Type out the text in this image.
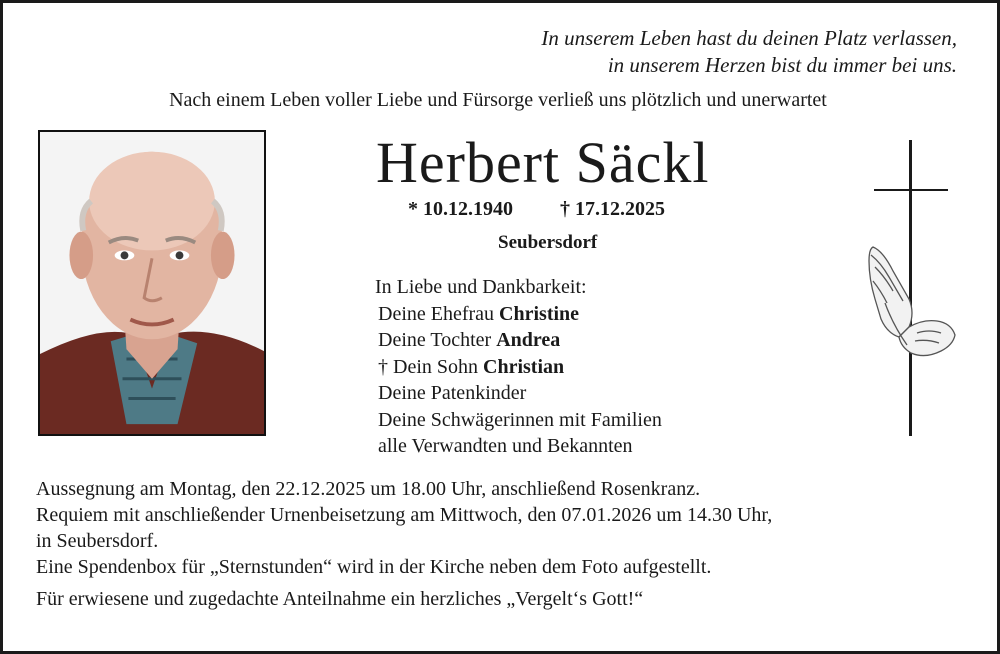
In unserem Leben hast du deinen Platz verlassen,
in unserem Herzen bist du immer bei uns.
Nach einem Leben voller Liebe und Fürsorge verließ uns plötzlich und unerwartet
Herbert Säckl
* 10.12.1940 † 17.12.2025
Seubersdorf
In Liebe und Dankbarkeit:
Deine Ehefrau Christine
Deine Tochter Andrea
† Dein Sohn Christian
Deine Patenkinder
Deine Schwägerinnen mit Familien
alle Verwandten und Bekannten

Aussegnung am Montag, den 22.12.2025 um 18.00 Uhr, anschließend Rosenkranz.

Requiem mit anschließender Urnenbeisetzung am Mittwoch, den 07.01.2026 um 14.30 Uhr,

in Seubersdorf.

Eine Spendenbox für „Sternstunden“ wird in der Kirche neben dem Foto aufgestellt.

Für erwiesene und zugedachte Anteilnahme ein herzliches „Vergelt‘s Gott!“
